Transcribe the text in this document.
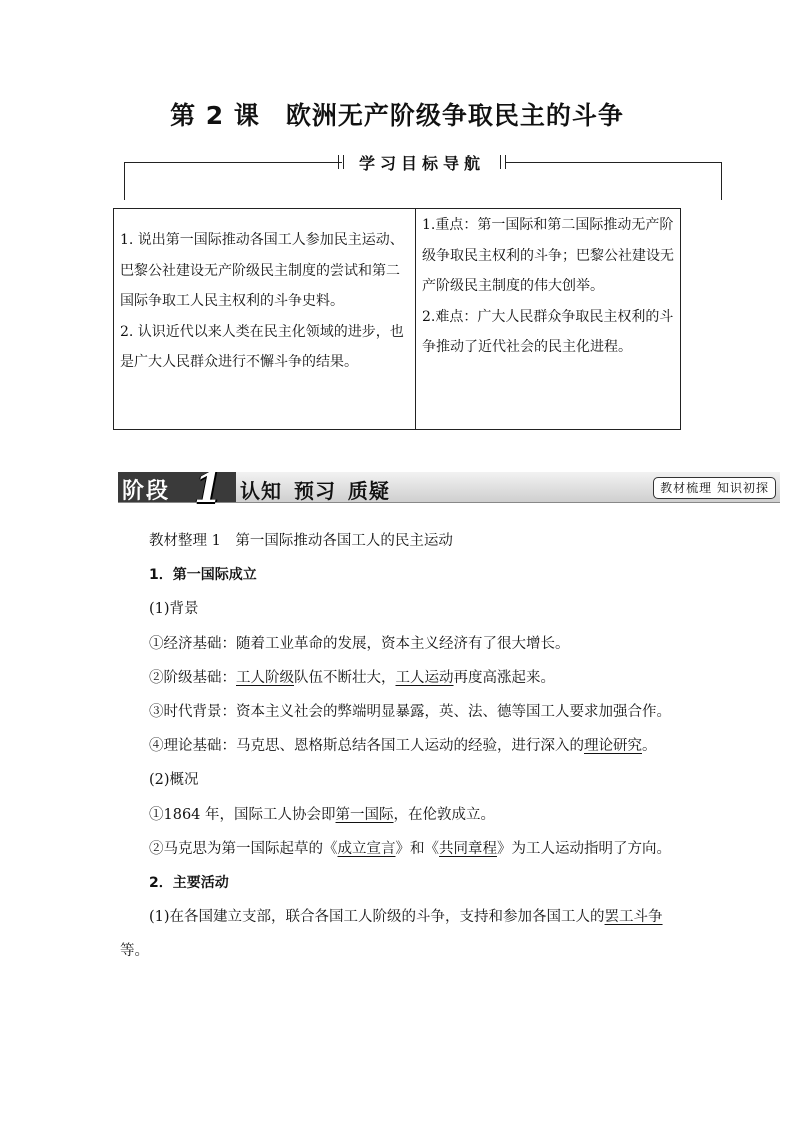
第 2 课 欧洲无产阶级争取民主的斗争
学习目标导航

1. 说出第一国际推动各国工人参加民主运动、巴黎公社建设无产阶级民主制度的尝试和第二国际争取工人民主权利的斗争史料。

2. 认识近代以来人类在民主化领域的进步，也是广大人民群众进行不懈斗争的结果。

1.重点：第一国际和第二国际推动无产阶级争取民主权利的斗争；巴黎公社建设无产阶级民主制度的伟大创举。

2.难点：广大人民群众争取民主权利的斗争推动了近代社会的民主化进程。

阶段 1 认知 预习 质疑	教材梳理 知识初探

教材整理 1　第一国际推动各国工人的民主运动

1．第一国际成立

(1)背景

①经济基础：随着工业革命的发展，资本主义经济有了很大增长。

②阶级基础：工人阶级队伍不断壮大，工人运动再度高涨起来。

③时代背景：资本主义社会的弊端明显暴露，英、法、德等国工人要求加强合作。

④理论基础：马克思、恩格斯总结各国工人运动的经验，进行深入的理论研究。

(2)概况

①1864 年，国际工人协会即第一国际，在伦敦成立。

②马克思为第一国际起草的《成立宣言》和《共同章程》为工人运动指明了方向。

2．主要活动

(1)在各国建立支部，联合各国工人阶级的斗争，支持和参加各国工人的罢工斗争等。
